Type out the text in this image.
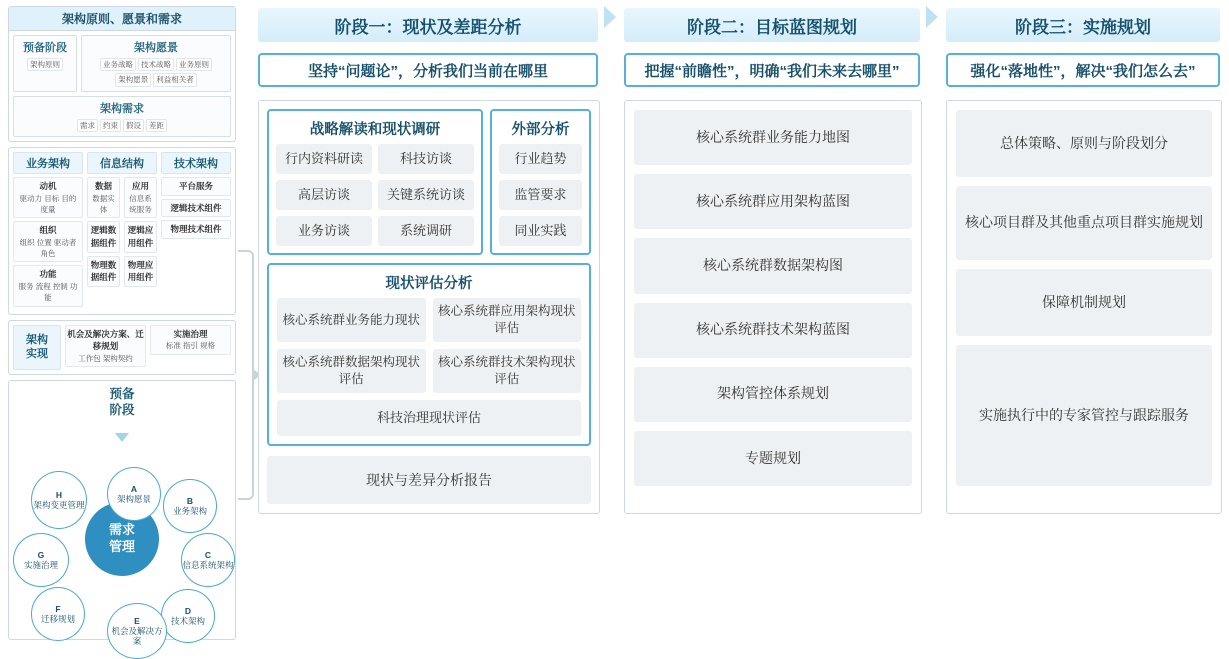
架构原则、愿景和需求
预备阶段
架构原则
架构愿景
业务战略 技术战略 业务原则架构愿景 利益相关者
架构需求
需求 约束 假设 差距
业务架构
动机
驱动力 目标 目的 度量
组织
组织 位置 驱动者 角色
功能
服务 流程 控制 功能
信息结构
数据
数据实体
应用
信息系统服务
逻辑数据组件
逻辑应用组件
物理数据组件
物理应用组件
技术架构
平台服务
逻辑技术组件
物理技术组件
架构
实现
机会及解决方案、迁移规划
工作包 架构契约
实施治理
标准 指引 规格
预备
阶段
需求
管理
A
架构愿景	B
业务架构
C
信息系统架构
D
技术架构
E
机会及解决方案
F
迁移规划
G
实施治理
H
架构变更管理
阶段一：现状及差距分析	阶段二：目标蓝图规划	阶段三：实施规划
坚持“问题论”，分析我们当前在哪里	把握“前瞻性”，明确“我们未来去哪里”	强化“落地性”，解决“我们怎么去”
战略解读和现状调研
行内资料研读	科技访谈
高层访谈	关键系统访谈
业务访谈	系统调研
外部分析
行业趋势
监管要求
同业实践
现状评估分析
核心系统群业务能力现状
核心系统群应用架构现状评估
核心系统群数据架构现状评估
核心系统群技术架构现状评估
科技治理现状评估
现状与差异分析报告
核心系统群业务能力地图
核心系统群应用架构蓝图
核心系统群数据架构图
核心系统群技术架构蓝图
架构管控体系规划
专题规划
总体策略、原则与阶段划分
核心项目群及其他重点项目群实施规划
保障机制规划
实施执行中的专家管控与跟踪服务
